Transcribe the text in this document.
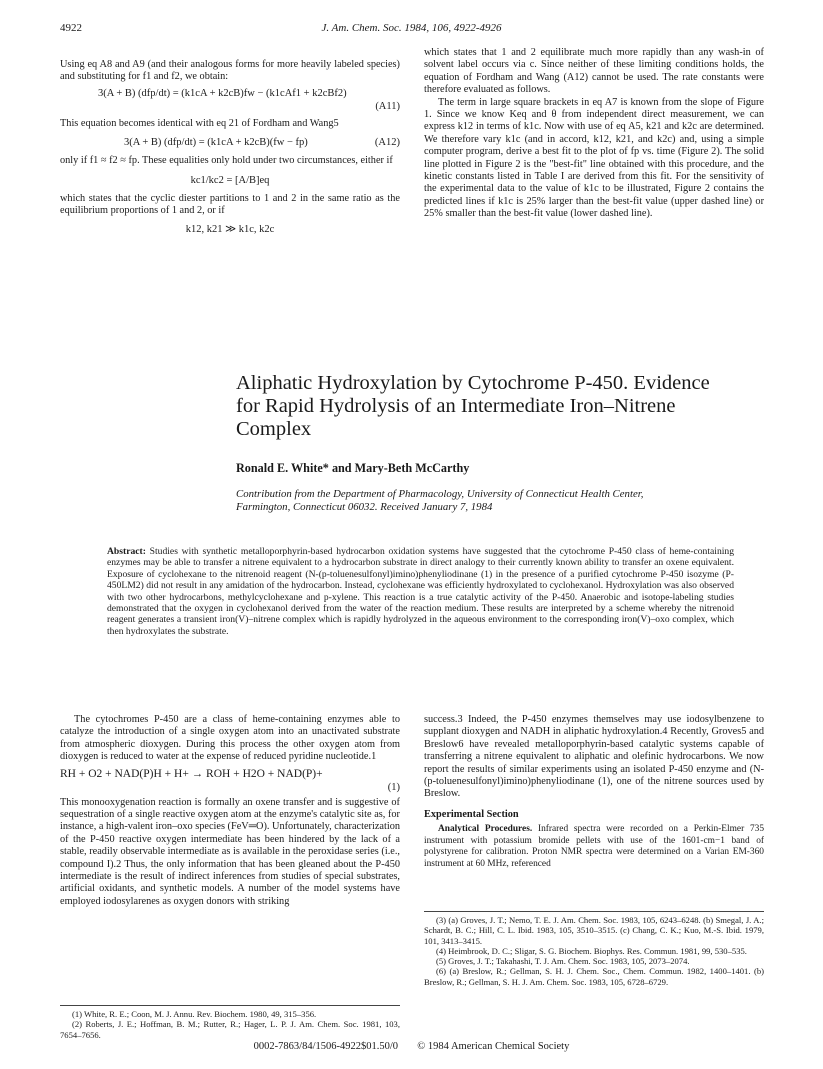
4922	J. Am. Chem. Soc. 1984, 106, 4922-4926

Using eq A8 and A9 (and their analogous forms for more heavily labeled species) and substituting for f1 and f2, we obtain:

3(A + B) (dfp/dt) = (k1cA + k2cB)fw − (k1cAf1 + k2cBf2)
(A11)

This equation becomes identical with eq 21 of Fordham and Wang5

3(A + B) (dfp/dt) = (k1cA + k2cB)(fw − fp)	(A12)

only if f1 ≈ f2 ≈ fp. These equalities only hold under two circumstances, either if

kc1/kc2 = [A/B]eq

which states that the cyclic diester partitions to 1 and 2 in the same ratio as the equilibrium proportions of 1 and 2, or if

k12, k21 ≫ k1c, k2c

which states that 1 and 2 equilibrate much more rapidly than any wash-in of solvent label occurs via c. Since neither of these limiting conditions holds, the equation of Fordham and Wang (A12) cannot be used. The rate constants were therefore evaluated as follows.

The term in large square brackets in eq A7 is known from the slope of Figure 1. Since we know Keq and θ from independent direct measurement, we can express k12 in terms of k1c. Now with use of eq A5, k21 and k2c are determined. We therefore vary k1c (and in accord, k12, k21, and k2c) and, using a simple computer program, derive a best fit to the plot of fp vs. time (Figure 2). The solid line plotted in Figure 2 is the "best-fit" line obtained with this procedure, and the kinetic constants listed in Table I are derived from this fit. For the sensitivity of the experimental data to the value of k1c to be illustrated, Figure 2 contains the predicted lines if k1c is 25% larger than the best-fit value (upper dashed line) or 25% smaller than the best-fit value (lower dashed line).

Aliphatic Hydroxylation by Cytochrome P-450. Evidence
for Rapid Hydrolysis of an Intermediate Iron–Nitrene
Complex
Ronald E. White* and Mary-Beth McCarthy
Contribution from the Department of Pharmacology, University of Connecticut Health Center,
Farmington, Connecticut 06032. Received January 7, 1984
Abstract: Studies with synthetic metalloporphyrin-based hydrocarbon oxidation systems have suggested that the cytochrome P-450 class of heme-containing enzymes may be able to transfer a nitrene equivalent to a hydrocarbon substrate in direct analogy to their currently known ability to transfer an oxene equivalent. Exposure of cyclohexane to the nitrenoid reagent (N-(p-toluenesulfonyl)imino)phenyliodinane (1) in the presence of a purified cytochrome P-450 isozyme (P-450LM2) did not result in any amidation of the hydrocarbon. Instead, cyclohexane was efficiently hydroxylated to cyclohexanol. Hydroxylation was also observed with two other hydrocarbons, methylcyclohexane and p-xylene. This reaction is a true catalytic activity of the P-450. Anaerobic and isotope-labeling studies demonstrated that the oxygen in cyclohexanol derived from the water of the reaction medium. These results are interpreted by a scheme whereby the nitrenoid reagent generates a transient iron(V)–nitrene complex which is rapidly hydrolyzed in the aqueous environment to the corresponding iron(V)–oxo complex, which then hydroxylates the substrate.

The cytochromes P-450 are a class of heme-containing enzymes able to catalyze the introduction of a single oxygen atom into an unactivated substrate from atmospheric dioxygen. During this process the other oxygen atom from dioxygen is reduced to water at the expense of reduced pyridine nucleotide.1

RH + O2 + NAD(P)H + H+ → ROH + H2O + NAD(P)+
(1)

This monooxygenation reaction is formally an oxene transfer and is suggestive of sequestration of a single reactive oxygen atom at the enzyme's catalytic site as, for instance, a high-valent iron–oxo species (FeV═O). Unfortunately, characterization of the P-450 reactive oxygen intermediate has been hindered by the lack of a stable, readily observable intermediate as is available in the peroxidase series (i.e., compound I).2 Thus, the only information that has been gleaned about the P-450 intermediate is the result of indirect inferences from studies of special substrates, artificial oxidants, and synthetic models. A number of the model systems have employed iodosylarenes as oxygen donors with striking

(1) White, R. E.; Coon, M. J. Annu. Rev. Biochem. 1980, 49, 315–356.
(2) Roberts, J. E.; Hoffman, B. M.; Rutter, R.; Hager, L. P. J. Am. Chem. Soc. 1981, 103, 7654–7656.

success.3 Indeed, the P-450 enzymes themselves may use iodosylbenzene to supplant dioxygen and NADH in aliphatic hydroxylation.4 Recently, Groves5 and Breslow6 have revealed metalloporphyrin-based catalytic systems capable of transferring a nitrene equivalent to aliphatic and olefinic hydrocarbons. We now report the results of similar experiments using an isolated P-450 enzyme and (N-(p-toluenesulfonyl)imino)phenyliodinane (1), one of the nitrene sources used by Breslow.

Experimental Section

Analytical Procedures. Infrared spectra were recorded on a Perkin-Elmer 735 instrument with potassium bromide pellets with use of the 1601-cm−1 band of polystyrene for calibration. Proton NMR spectra were determined on a Varian EM-360 instrument at 60 MHz, referenced

(3) (a) Groves, J. T.; Nemo, T. E. J. Am. Chem. Soc. 1983, 105, 6243–6248. (b) Smegal, J. A.; Schardt, B. C.; Hill, C. L. Ibid. 1983, 105, 3510–3515. (c) Chang, C. K.; Kuo, M.-S. Ibid. 1979, 101, 3413–3415.
(4) Heimbrook, D. C.; Sligar, S. G. Biochem. Biophys. Res. Commun. 1981, 99, 530–535.
(5) Groves, J. T.; Takahashi, T. J. Am. Chem. Soc. 1983, 105, 2073–2074.
(6) (a) Breslow, R.; Gellman, S. H. J. Chem. Soc., Chem. Commun. 1982, 1400–1401. (b) Breslow, R.; Gellman, S. H. J. Am. Chem. Soc. 1983, 105, 6728–6729.
0002-7863/84/1506-4922$01.50/0 © 1984 American Chemical Society
